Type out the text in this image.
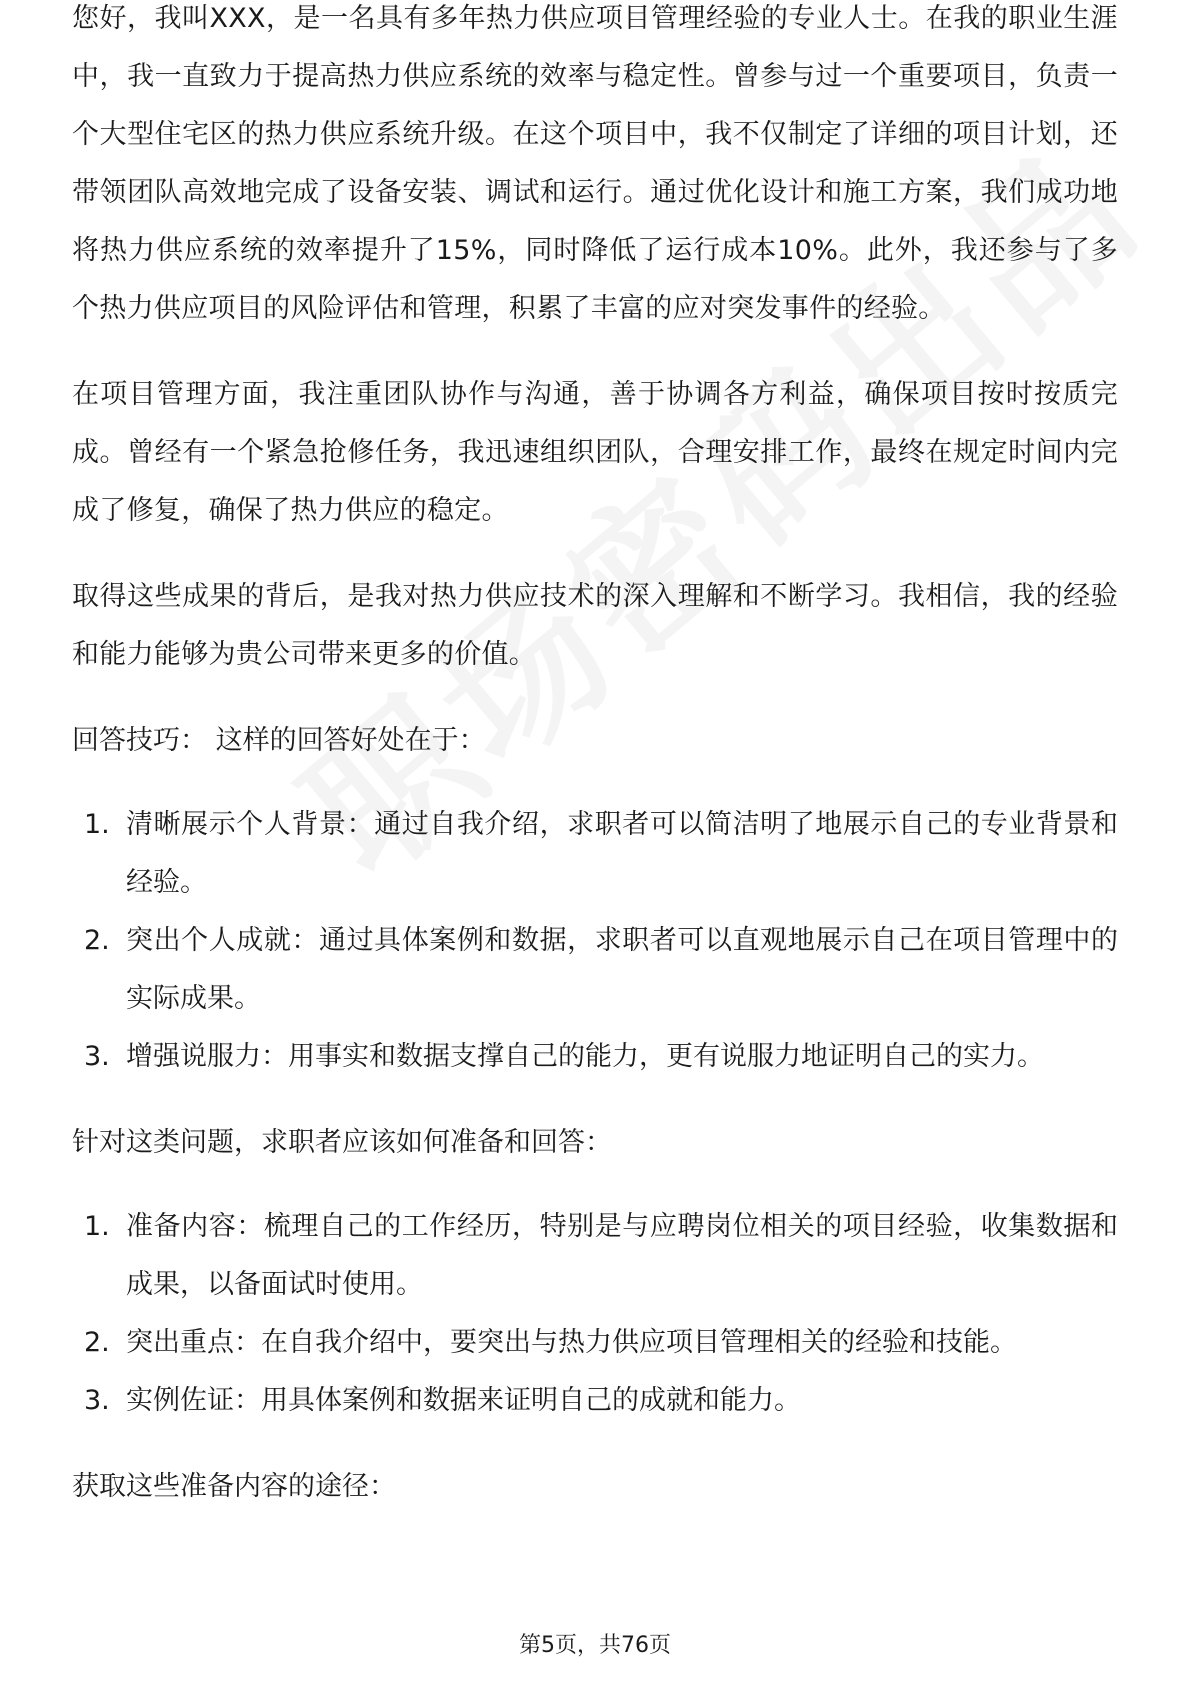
您好，我叫XXX，是一名具有多年热力供应项目管理经验的专业人士。在我的职业生涯中，我一直致力于提高热力供应系统的效率与稳定性。曾参与过一个重要项目，负责一个大型住宅区的热力供应系统升级。在这个项目中，我不仅制定了详细的项目计划，还带领团队高效地完成了设备安装、调试和运行。通过优化设计和施工方案，我们成功地将热力供应系统的效率提升了15%，同时降低了运行成本10%。此外，我还参与了多个热力供应项目的风险评估和管理，积累了丰富的应对突发事件的经验。

在项目管理方面，我注重团队协作与沟通，善于协调各方利益，确保项目按时按质完成。曾经有一个紧急抢修任务，我迅速组织团队，合理安排工作，最终在规定时间内完成了修复，确保了热力供应的稳定。

取得这些成果的背后，是我对热力供应技术的深入理解和不断学习。我相信，我的经验和能力能够为贵公司带来更多的价值。

回答技巧： 这样的回答好处在于：

1. 清晰展示个人背景：通过自我介绍，求职者可以简洁明了地展示自己的专业背景和经验。
2. 突出个人成就：通过具体案例和数据，求职者可以直观地展示自己在项目管理中的实际成果。
3. 增强说服力：用事实和数据支撑自己的能力，更有说服力地证明自己的实力。

针对这类问题，求职者应该如何准备和回答：

1. 准备内容：梳理自己的工作经历，特别是与应聘岗位相关的项目经验，收集数据和成果，以备面试时使用。
2. 突出重点：在自我介绍中，要突出与热力供应项目管理相关的经验和技能。
3. 实例佐证：用具体案例和数据来证明自己的成就和能力。

获取这些准备内容的途径：

第5页，共76页
